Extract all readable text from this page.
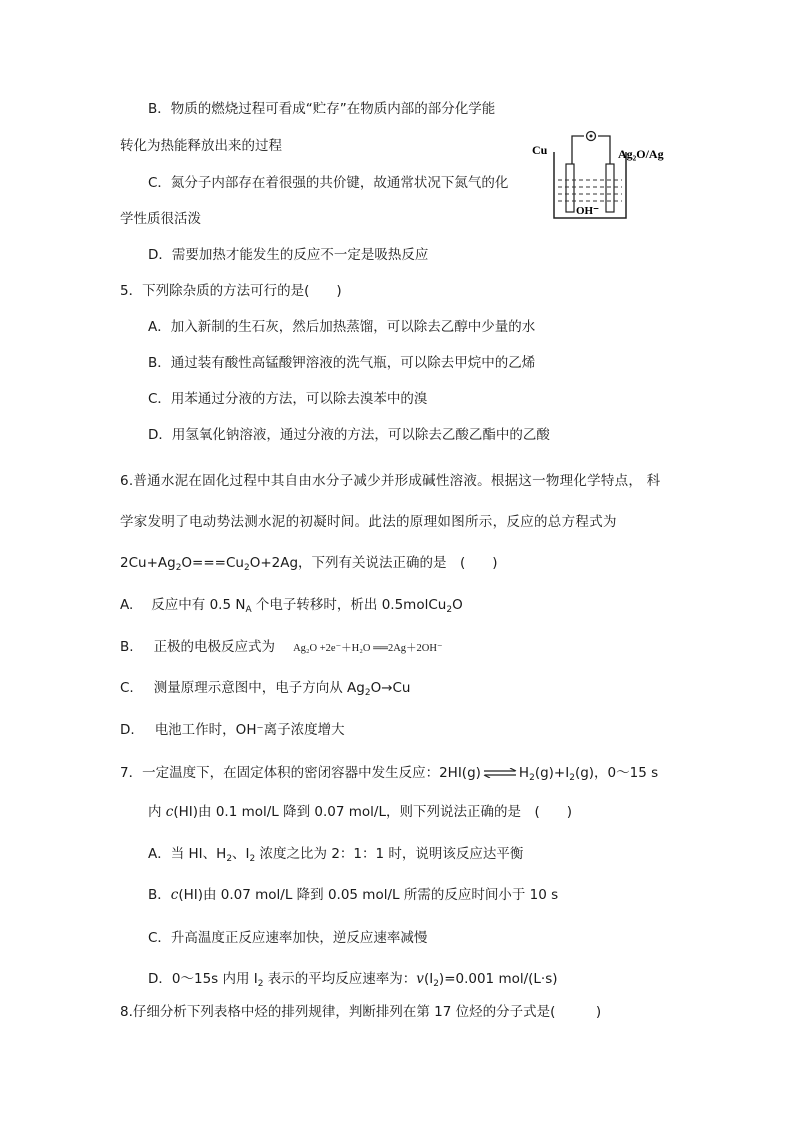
B．物质的燃烧过程可看成“贮存”在物质内部的部分化学能
转化为热能释放出来的过程
C．氮分子内部存在着很强的共价键，故通常状况下氮气的化
学性质很活泼
D．需要加热才能发生的反应不一定是吸热反应
Cu	Ag₂O/Ag
OH⁻
5．下列除杂质的方法可行的是(　　)
A．加入新制的生石灰，然后加热蒸馏，可以除去乙醇中少量的水
B．通过装有酸性高锰酸钾溶液的洗气瓶，可以除去甲烷中的乙烯
C．用苯通过分液的方法，可以除去溴苯中的溴
D．用氢氧化钠溶液，通过分液的方法，可以除去乙酸乙酯中的乙酸
6.普通水泥在固化过程中其自由水分子减少并形成碱性溶液。根据这一物理化学特点， 科
学家发明了电动势法测水泥的初凝时间。此法的原理如图所示，反应的总方程式为
$2Cu+Ag_2O===Cu_2O+2Ag$，下列有关说法正确的是　(　　)
A. 反应中有 0.5 $N_A$ 个电子转移时，析出 0.5molCu$_2$O
B. 正极的电极反应式为 Ag₂O +2e⁻＋H₂O ══2Ag＋2OH⁻
C. 测量原理示意图中，电子方向从 $Ag_2O\to Cu$
D. 电池工作时，OH⁻离子浓度增大
7．一定温度下，在固定体积的密闭容器中发生反应：2HI(g) ⇌ $H_2(g)+I_2(g)$，0～15 s
内 c(HI)由 0.1 mol/L 降到 0.07 mol/L，则下列说法正确的是　(　　)
A．当 HI、$H_2$、$I_2$ 浓度之比为 2：1：1 时，说明该反应达平衡
B．c(HI)由 0.07 mol/L 降到 0.05 mol/L 所需的反应时间小于 10 s
C．升高温度正反应速率加快，逆反应速率减慢
D．0～15s 内用 $I_2$ 表示的平均反应速率为：$v(I_2)=0.001$ mol/(L·s)
8.仔细分析下列表格中烃的排列规律，判断排列在第 17 位烃的分子式是(　　　)
